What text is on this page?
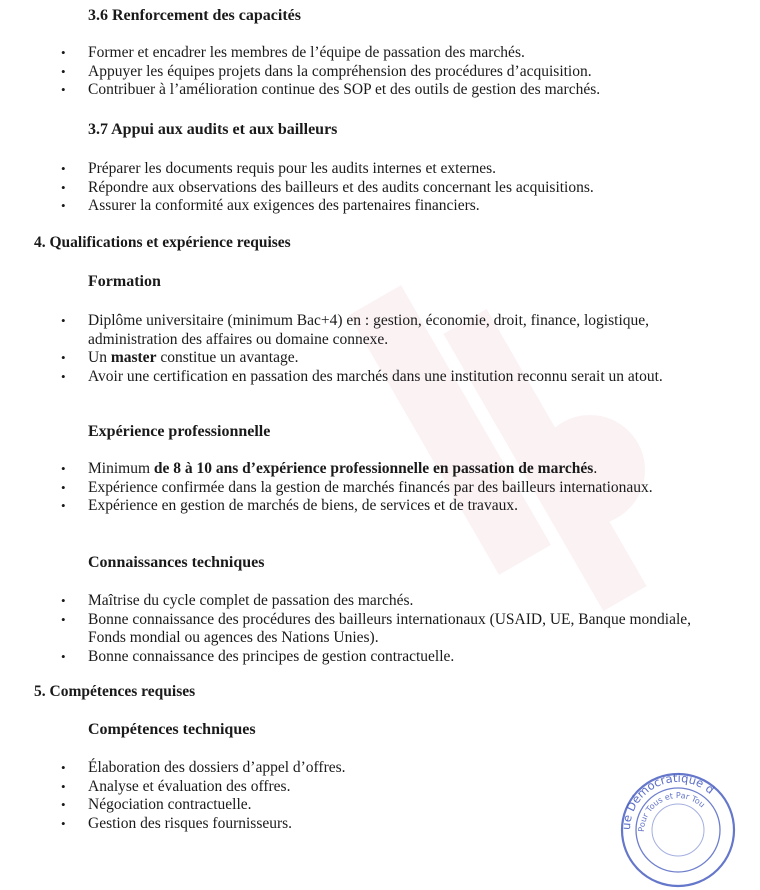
3.6 Renforcement des capacités
• Former et encadrer les membres de l’équipe de passation des marchés.
• Appuyer les équipes projets dans la compréhension des procédures d’acquisition.
• Contribuer à l’amélioration continue des SOP et des outils de gestion des marchés.
3.7 Appui aux audits et aux bailleurs
• Préparer les documents requis pour les audits internes et externes.
• Répondre aux observations des bailleurs et des audits concernant les acquisitions.
• Assurer la conformité aux exigences des partenaires financiers.
4. Qualifications et expérience requises
Formation
• Diplôme universitaire (minimum Bac+4) en : gestion, économie, droit, finance, logistique, administration des affaires ou domaine connexe.
• Un master constitue un avantage.
• Avoir une certification en passation des marchés dans une institution reconnu serait un atout.
Expérience professionnelle
• Minimum de 8 à 10 ans d’expérience professionnelle en passation de marchés.
• Expérience confirmée dans la gestion de marchés financés par des bailleurs internationaux.
• Expérience en gestion de marchés de biens, de services et de travaux.
Connaissances techniques
• Maîtrise du cycle complet de passation des marchés.
• Bonne connaissance des procédures des bailleurs internationaux (USAID, UE, Banque mondiale, Fonds mondial ou agences des Nations Unies).
• Bonne connaissance des principes de gestion contractuelle.
5. Compétences requises
Compétences techniques
• Élaboration des dossiers d’appel d’offres.
• Analyse et évaluation des offres.
• Négociation contractuelle.
• Gestion des risques fournisseurs.	ue Démocratique d
Pour Tous et Par Tou
